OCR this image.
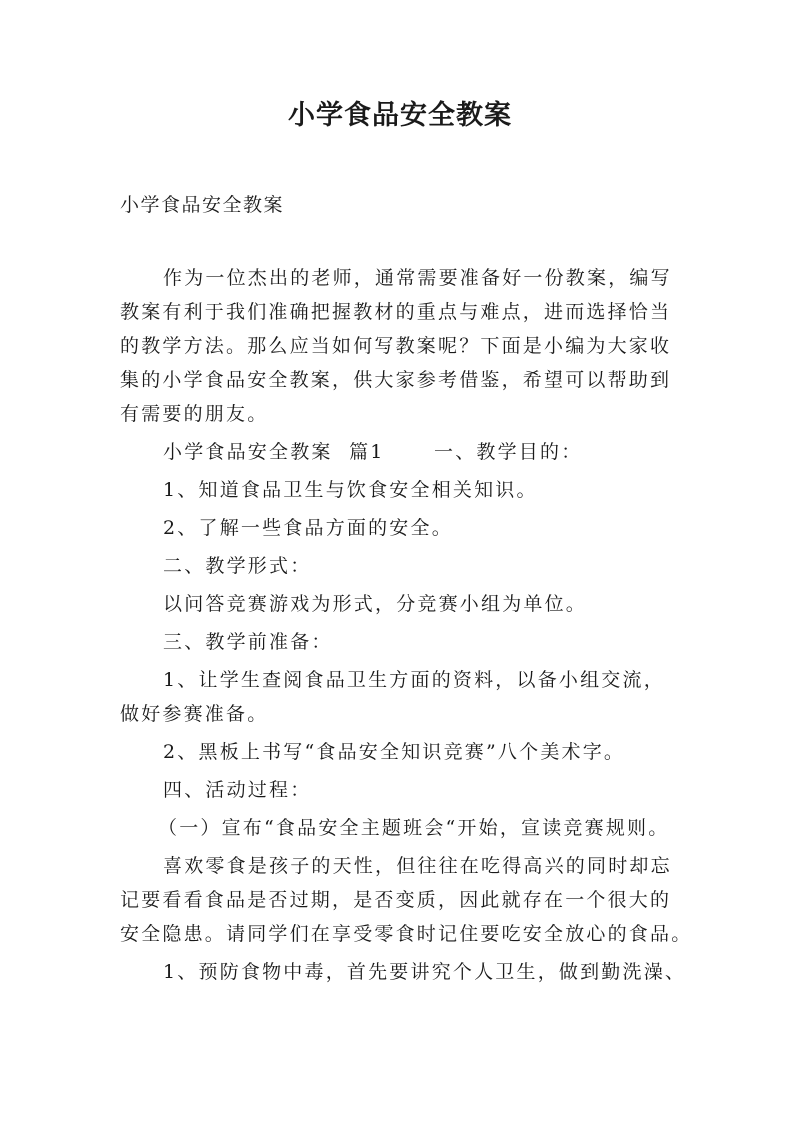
小学食品安全教案
小学食品安全教案
作为一位杰出的老师，通常需要准备好一份教案，编写
教案有利于我们准确把握教材的重点与难点，进而选择恰当
的教学方法。那么应当如何写教案呢？下面是小编为大家收
集的小学食品安全教案，供大家参考借鉴，希望可以帮助到
有需要的朋友。
小学食品安全教案  篇1      一、教学目的：
1、知道食品卫生与饮食安全相关知识。
2、了解一些食品方面的安全。
二、教学形式：
以问答竞赛游戏为形式，分竞赛小组为单位。
三、教学前准备：
1、让学生查阅食品卫生方面的资料，以备小组交流，
做好参赛准备。
2、黑板上书写“食品安全知识竞赛”八个美术字。
四、活动过程：
（一）宣布“食品安全主题班会“开始，宣读竞赛规则。
喜欢零食是孩子的天性，但往往在吃得高兴的同时却忘
记要看看食品是否过期，是否变质，因此就存在一个很大的
安全隐患。请同学们在享受零食时记住要吃安全放心的食品。
1、预防食物中毒，首先要讲究个人卫生，做到勤洗澡、
